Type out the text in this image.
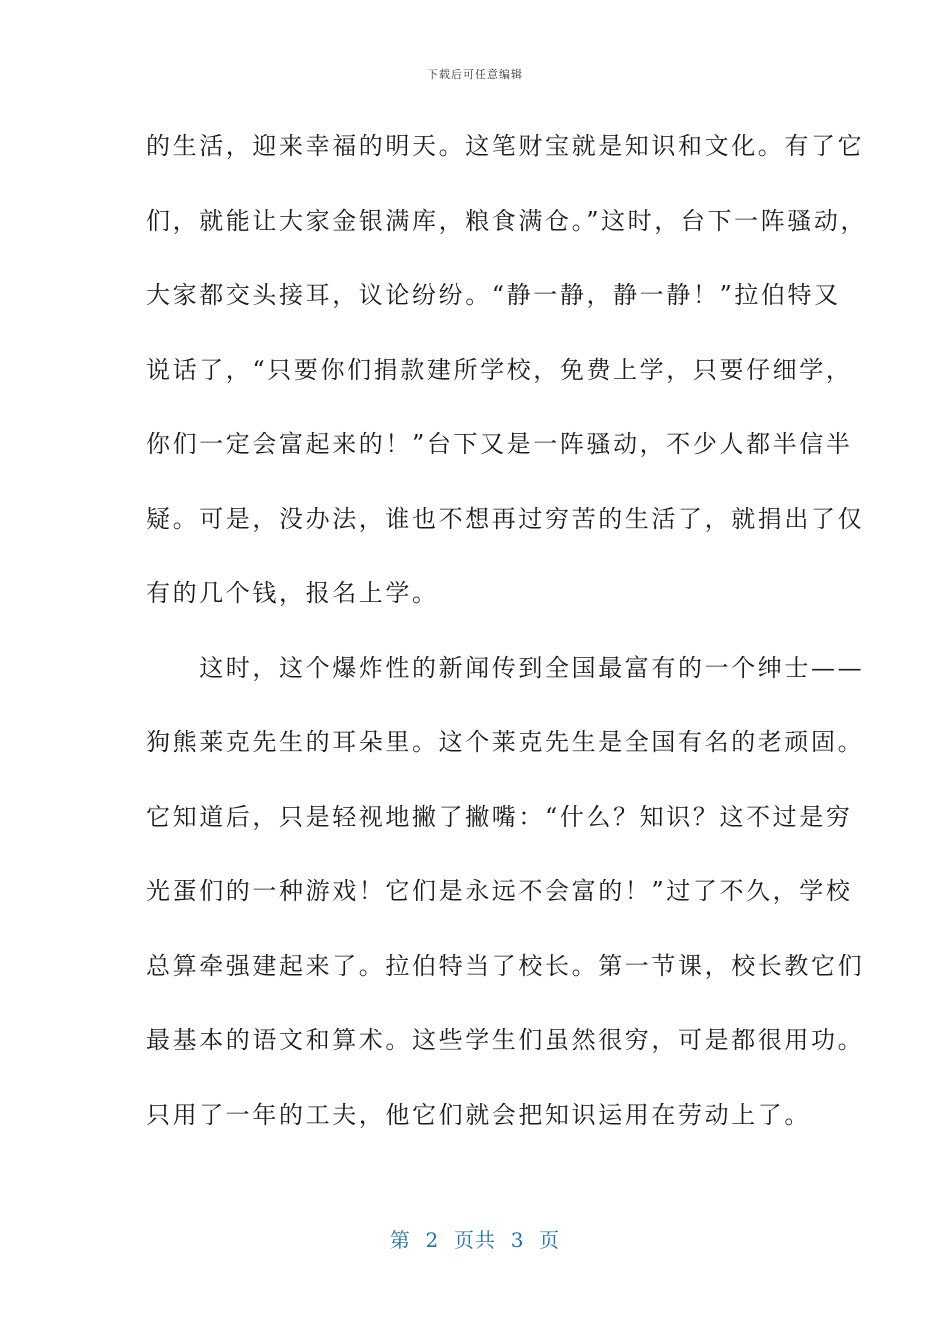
下载后可任意编辑
的生活，迎来幸福的明天。这笔财宝就是知识和文化。有了它
们，就能让大家金银满库，粮食满仓。”这时，台下一阵骚动，
大家都交头接耳，议论纷纷。“静一静，静一静！”拉伯特又
说话了，“只要你们捐款建所学校，免费上学，只要仔细学，
你们一定会富起来的！”台下又是一阵骚动，不少人都半信半
疑。可是，没办法，谁也不想再过穷苦的生活了，就捐出了仅
有的几个钱，报名上学。
　　这时，这个爆炸性的新闻传到全国最富有的一个绅士——
狗熊莱克先生的耳朵里。这个莱克先生是全国有名的老顽固。
它知道后，只是轻视地撇了撇嘴：“什么？知识？这不过是穷
光蛋们的一种游戏！它们是永远不会富的！”过了不久，学校
总算牵强建起来了。拉伯特当了校长。第一节课，校长教它们
最基本的语文和算术。这些学生们虽然很穷，可是都很用功。
只用了一年的工夫，他它们就会把知识运用在劳动上了。
第  2  页共  3  页
